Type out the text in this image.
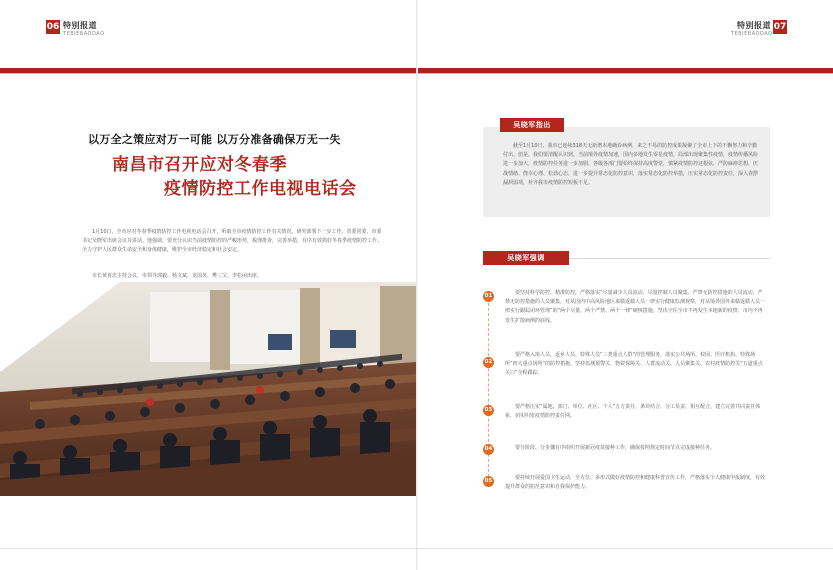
06 特别报道
TEBIEBAODAO
特别报道
TEBIEBAODAO
07
以万全之策应对万一可能 以万分准备确保万无一失
南昌市召开应对冬春季
疫情防控工作电视电话会
1月10日，全市应对冬春季疫情防控工作电视电话会召开，听取全市疫情防控工作有关情况，研究部署下一步工作。省委常委、市委书记吴晓军出席会议并讲话。他强调，要充分认识当前疫情防控的严峻形势，梳理排查，完善举措，有序有效抓好冬春季疫情防控工作。全力守护人民群众生命安全和身体健康，维护全市经济稳定和社会安定。
市长黄喜忠主持会议，市领导郭毅、杨文斌、龙国英、樊三宝、李松闲出席。
吴晓军指出
截至1月10日，我市已连续318天无新增本地确诊病例，来之不易的防控成果凝聚了全市上下的不懈努力和辛勤付出。但是，我们要清醒认识到，当前境外疫情加速，国内多地发生零星疫情，局部出现聚集性疫情，疫情传播风险进一步加大，疫情防控任务进一步加剧。各级各部门要始终保持高度警觉，慎紧疫情防控这根弦，严防麻痹思想、厌战情绪、侥幸心理、松劲心态，进一步提升常态化防控意识，落实常态化防控举措，压实常态化防控责任，深入查摆漏洞弱项，补齐我市疫情防控短板不足。
吴晓军强调
01	要坚持科学防控、精准防控，严格落实“尽量减少人员流动、尽量控制人员聚集、严禁无防控措施的人员流动、严禁无防控措施的人员聚集，对从国内中高风险地区来赣返赣人员一律实行健康监测观察，对从境外国外来赣返赣人员一律实行跟踪闭环管理”的“两个尽量、两个严禁、两个一律”硬核措施，坚决守住全市不再发生本地新的疫情、市内不再发生扩散病例的底线。
02
要严格入境人员、返乡人员、特殊人员“三类重点人群”的管理服务，落实公共场所、校园、医疗机构、特殊场所“四大重点场所”的防控措施，坚持监测预警关、物资保障关、人群流动关、人员聚集关、农村疫情防控关“五道重点关口”全程跟踪。
03	要严格压实“属地、部门、单位、社区、个人”五方责任，条块结合、分工负责、相互配合，建立完善共同责任体系，切实织密疫情防控责任网。
04	要分阶段、分步骤有序组织开展新冠疫苗接种工作，确保按照规定时间节点完成接种任务。
05	要持续开展爱国卫生运动，全方位、多形式做好疫情防控和健康科普宣传工作，严格落实个人健康申报制度，有效提升群众的防范意识和自我保护能力。
